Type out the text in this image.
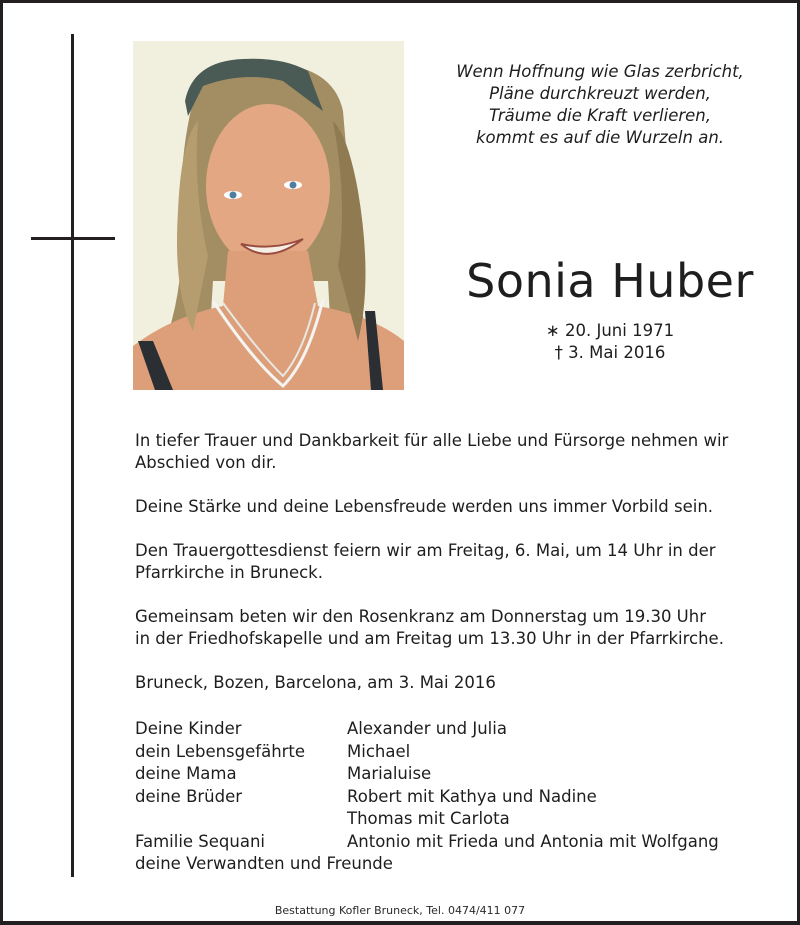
Wenn Hoffnung wie Glas zerbricht,
Pläne durchkreuzt werden,
Träume die Kraft verlieren,
kommt es auf die Wurzeln an.
Sonia Huber
∗ 20. Juni 1971
† 3. Mai 2016

In tiefer Trauer und Dankbarkeit für alle Liebe und Fürsorge nehmen wir
Abschied von dir.

Deine Stärke und deine Lebensfreude werden uns immer Vorbild sein.

Den Trauergottesdienst feiern wir am Freitag, 6. Mai, um 14 Uhr in der
Pfarrkirche in Bruneck.

Gemeinsam beten wir den Rosenkranz am Donnerstag um 19.30 Uhr
in der Friedhofskapelle und am Freitag um 13.30 Uhr in der Pfarrkirche.

Bruneck, Bozen, Barcelona, am 3. Mai 2016

Deine Kinder	Alexander und Julia
dein Lebensgefährte	Michael
deine Mama	Marialuise
deine Brüder	Robert mit Kathya und Nadine
Thomas mit Carlota
Familie Sequani	Antonio mit Frieda und Antonia mit Wolfgang
deine Verwandten und Freunde
Bestattung Kofler Bruneck, Tel. 0474/411 077
